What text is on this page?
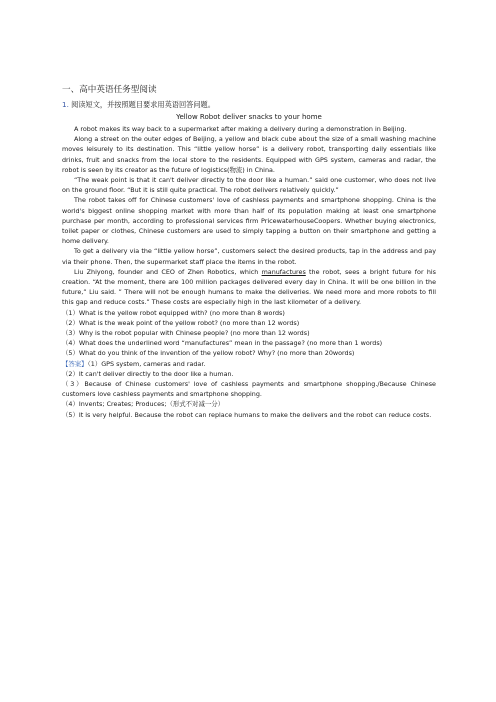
一、高中英语任务型阅读
1. 阅读短文，并按照题目要求用英语回答问题。
Yellow Robot deliver snacks to your home

A robot makes its way back to a supermarket after making a delivery during a demonstration in Beijing.

Along a street on the outer edges of Beijing, a yellow and black cube about the size of a small washing machine moves leisurely to its destination. This “little yellow horse” is a delivery robot, transporting daily essentials like drinks, fruit and snacks from the local store to the residents. Equipped with GPS system, cameras and radar, the robot is seen by its creator as the future of logistics(物流) in China.

“The weak point is that it can't deliver directly to the door like a human.” said one customer, who does not live on the ground floor. “But it is still quite practical. The robot delivers relatively quickly.”

The robot takes off for Chinese customers' love of cashless payments and smartphone shopping. China is the world's biggest online shopping market with more than half of its population making at least one smartphone purchase per month, according to professional services firm PricewaterhouseCoopers. Whether buying electronics, toilet paper or clothes, Chinese customers are used to simply tapping a button on their smartphone and getting a home delivery.

To get a delivery via the “little yellow horse”, customers select the desired products, tap in the address and pay via their phone. Then, the supermarket staff place the items in the robot.

Liu Zhiyong, founder and CEO of Zhen Robotics, which manufactures the robot, sees a bright future for his creation. “At the moment, there are 100 million packages delivered every day in China. It will be one billion in the future,” Liu said. ” There will not be enough humans to make the deliveries. We need more and more robots to fill this gap and reduce costs.” These costs are especially high in the last kilometer of a delivery.

（1）What is the yellow robot equipped with? (no more than 8 words)

（2）What is the weak point of the yellow robot? (no more than 12 words)

（3）Why is the robot popular with Chinese people? (no more than 12 words)

（4）What does the underlined word “manufactures” mean in the passage? (no more than 1 words)

（5）What do you think of the invention of the yellow robot? Why? (no more than 20words)

【答案】（1）GPS system, cameras and radar.

（2）It can't deliver directly to the door like a human.

（3）Because of Chinese customers' love of cashless payments and smartphone shopping./Because Chinese customers love cashless payments and smartphone shopping.

（4）Invents; Creates; Produces;（形式不对减一分）

（5）It is very helpful. Because the robot can replace humans to make the delivers and the robot can reduce costs.
